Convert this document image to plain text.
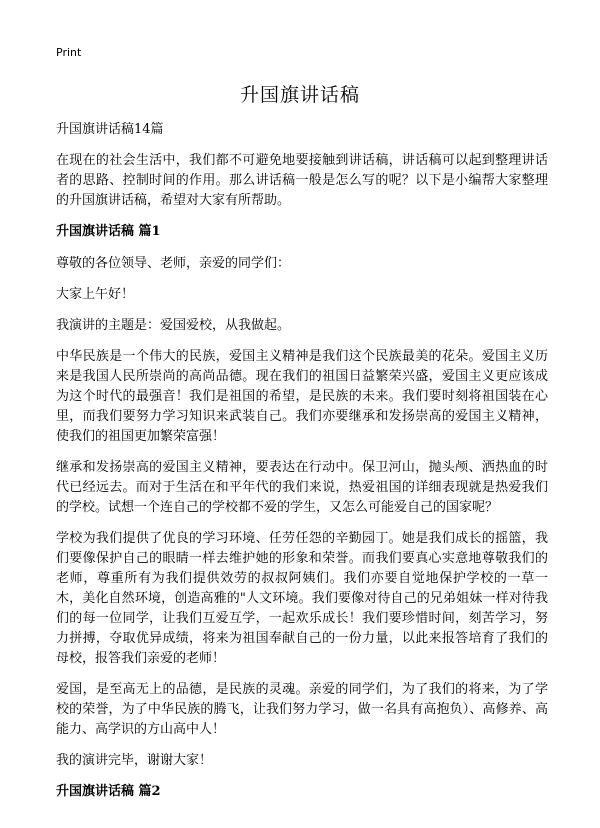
Print
升国旗讲话稿

升国旗讲话稿14篇

在现在的社会生活中，我们都不可避免地要接触到讲话稿，讲话稿可以起到整理讲话者的思路、控制时间的作用。那么讲话稿一般是怎么写的呢？以下是小编帮大家整理的升国旗讲话稿，希望对大家有所帮助。

升国旗讲话稿 篇1

尊敬的各位领导、老师，亲爱的同学们：

大家上午好！

我演讲的主题是：爱国爱校，从我做起。

中华民族是一个伟大的民族，爱国主义精神是我们这个民族最美的花朵。爱国主义历来是我国人民所崇尚的高尚品德。现在我们的祖国日益繁荣兴盛，爱国主义更应该成为这个时代的最强音！我们是祖国的希望，是民族的未来。我们要时刻将祖国装在心里，而我们要努力学习知识来武装自己。我们亦要继承和发扬崇高的爱国主义精神，使我们的祖国更加繁荣富强！

继承和发扬崇高的爱国主义精神，要表达在行动中。保卫河山，抛头颅、洒热血的时代已经远去。而对于生活在和平年代的我们来说，热爱祖国的详细表现就是热爱我们的学校。试想一个连自己的学校都不爱的学生，又怎么可能爱自己的国家呢？

学校为我们提供了优良的学习环境、任劳任怨的辛勤园丁。她是我们成长的摇篮，我们要像保护自己的眼睛一样去维护她的形象和荣誉。而我们要真心实意地尊敬我们的老师，尊重所有为我们提供效劳的叔叔阿姨们。我们亦要自觉地保护学校的一草一木，美化自然环境，创造高雅的"人文环境。我们要像对待自己的兄弟姐妹一样对待我们的每一位同学，让我们互爱互学，一起欢乐成长！我们要珍惜时间，刻苦学习，努力拼搏，夺取优异成绩，将来为祖国奉献自己的一份力量，以此来报答培育了我们的母校，报答我们亲爱的老师！

爱国，是至高无上的品德，是民族的灵魂。亲爱的同学们，为了我们的将来，为了学校的荣誉，为了中华民族的腾飞，让我们努力学习，做一名具有高抱负）、高修养、高能力、高学识的方山高中人！

我的演讲完毕，谢谢大家！

升国旗讲话稿 篇2
